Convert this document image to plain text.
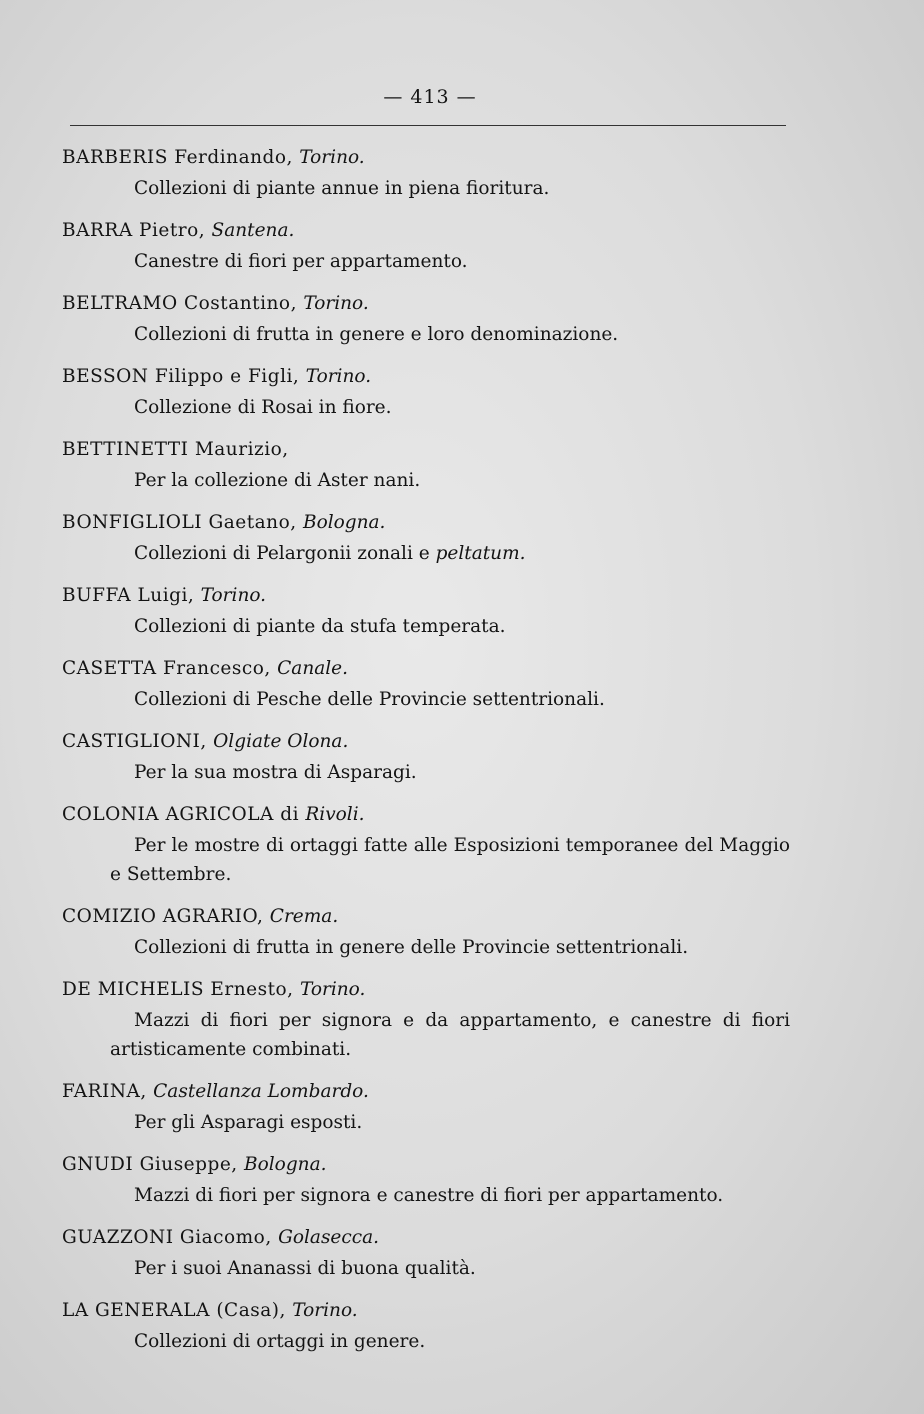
— 413 —
BARBERIS Ferdinando, Torino.
Collezioni di piante annue in piena fioritura.
BARRA Pietro, Santena.
Canestre di fiori per appartamento.
BELTRAMO Costantino, Torino.
Collezioni di frutta in genere e loro denominazione.
BESSON Filippo e Figli, Torino.
Collezione di Rosai in fiore.
BETTINETTI Maurizio,
Per la collezione di Aster nani.
BONFIGLIOLI Gaetano, Bologna.
Collezioni di Pelargonii zonali e peltatum.
BUFFA Luigi, Torino.
Collezioni di piante da stufa temperata.
CASETTA Francesco, Canale.
Collezioni di Pesche delle Provincie settentrionali.
CASTIGLIONI, Olgiate Olona.
Per la sua mostra di Asparagi.
COLONIA AGRICOLA di Rivoli.
Per le mostre di ortaggi fatte alle Esposizioni temporanee del Maggio e Settembre.
COMIZIO AGRARIO, Crema.
Collezioni di frutta in genere delle Provincie settentrionali.
DE MICHELIS Ernesto, Torino.
Mazzi di fiori per signora e da appartamento, e canestre di fiori artisticamente combinati.
FARINA, Castellanza Lombardo.
Per gli Asparagi esposti.
GNUDI Giuseppe, Bologna.
Mazzi di fiori per signora e canestre di fiori per appartamento.
GUAZZONI Giacomo, Golasecca.
Per i suoi Ananassi di buona qualità.
LA GENERALA (Casa), Torino.
Collezioni di ortaggi in genere.
